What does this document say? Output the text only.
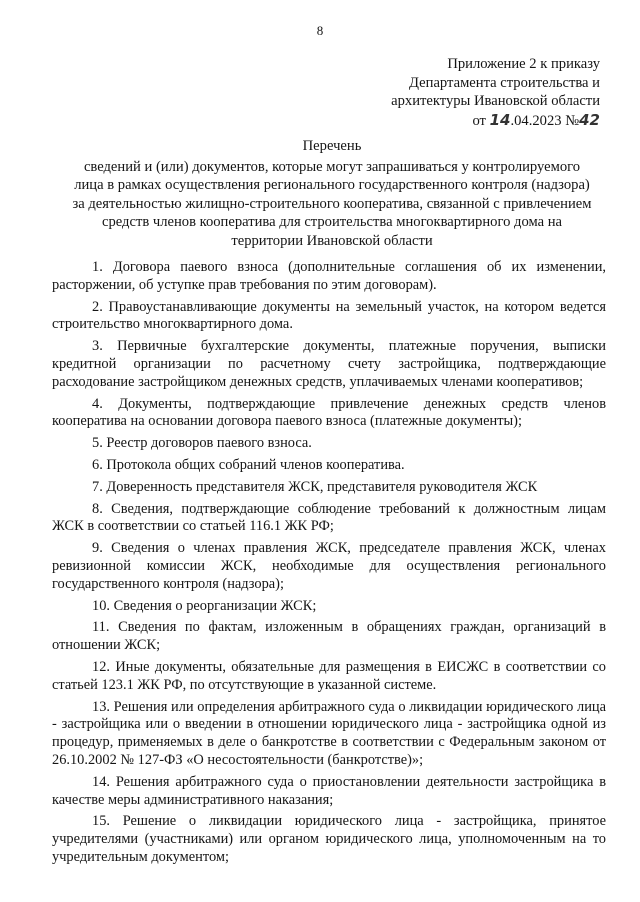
8
Приложение 2 к приказу
Департамента строительства и
архитектуры Ивановской области
от 14.04.2023 №42
Перечень
сведений и (или) документов, которые могут запрашиваться у контролируемого
лица в рамках осуществления регионального государственного контроля (надзора)
за деятельностью жилищно-строительного кооператива, связанной с привлечением
средств членов кооператива для строительства многоквартирного дома на
территории Ивановской области

1. Договора паевого взноса (дополнительные соглашения об их изменении, расторжении, об уступке прав требования по этим договорам).

2. Правоустанавливающие документы на земельный участок, на котором ведется строительство многоквартирного дома.

3. Первичные бухгалтерские документы, платежные поручения, выписки кредитной организации по расчетному счету застройщика, подтверждающие расходование застройщиком денежных средств, уплачиваемых членами кооперативов;

4. Документы, подтверждающие привлечение денежных средств членов кооператива на основании договора паевого взноса (платежные документы);

5. Реестр договоров паевого взноса.

6. Протокола общих собраний членов кооператива.

7. Доверенность представителя ЖСК, представителя руководителя ЖСК

8. Сведения, подтверждающие соблюдение требований к должностным лицам ЖСК в соответствии со статьей 116.1 ЖК РФ;

9. Сведения о членах правления ЖСК, председателе правления ЖСК, членах ревизионной комиссии ЖСК, необходимые для осуществления регионального государственного контроля (надзора);

10. Сведения о реорганизации ЖСК;

11. Сведения по фактам, изложенным в обращениях граждан, организаций в отношении ЖСК;

12. Иные документы, обязательные для размещения в ЕИСЖС в соответствии со статьей 123.1 ЖК РФ, по отсутствующие в указанной системе.

13. Решения или определения арбитражного суда о ликвидации юридического лица - застройщика или о введении в отношении юридического лица - застройщика одной из процедур, применяемых в деле о банкротстве в соответствии с Федеральным законом от 26.10.2002 № 127-ФЗ «О несостоятельности (банкротстве)»;

14. Решения арбитражного суда о приостановлении деятельности застройщика в качестве меры административного наказания;

15. Решение о ликвидации юридического лица - застройщика, принятое учредителями (участниками) или органом юридического лица, уполномоченным на то учредительным документом;
